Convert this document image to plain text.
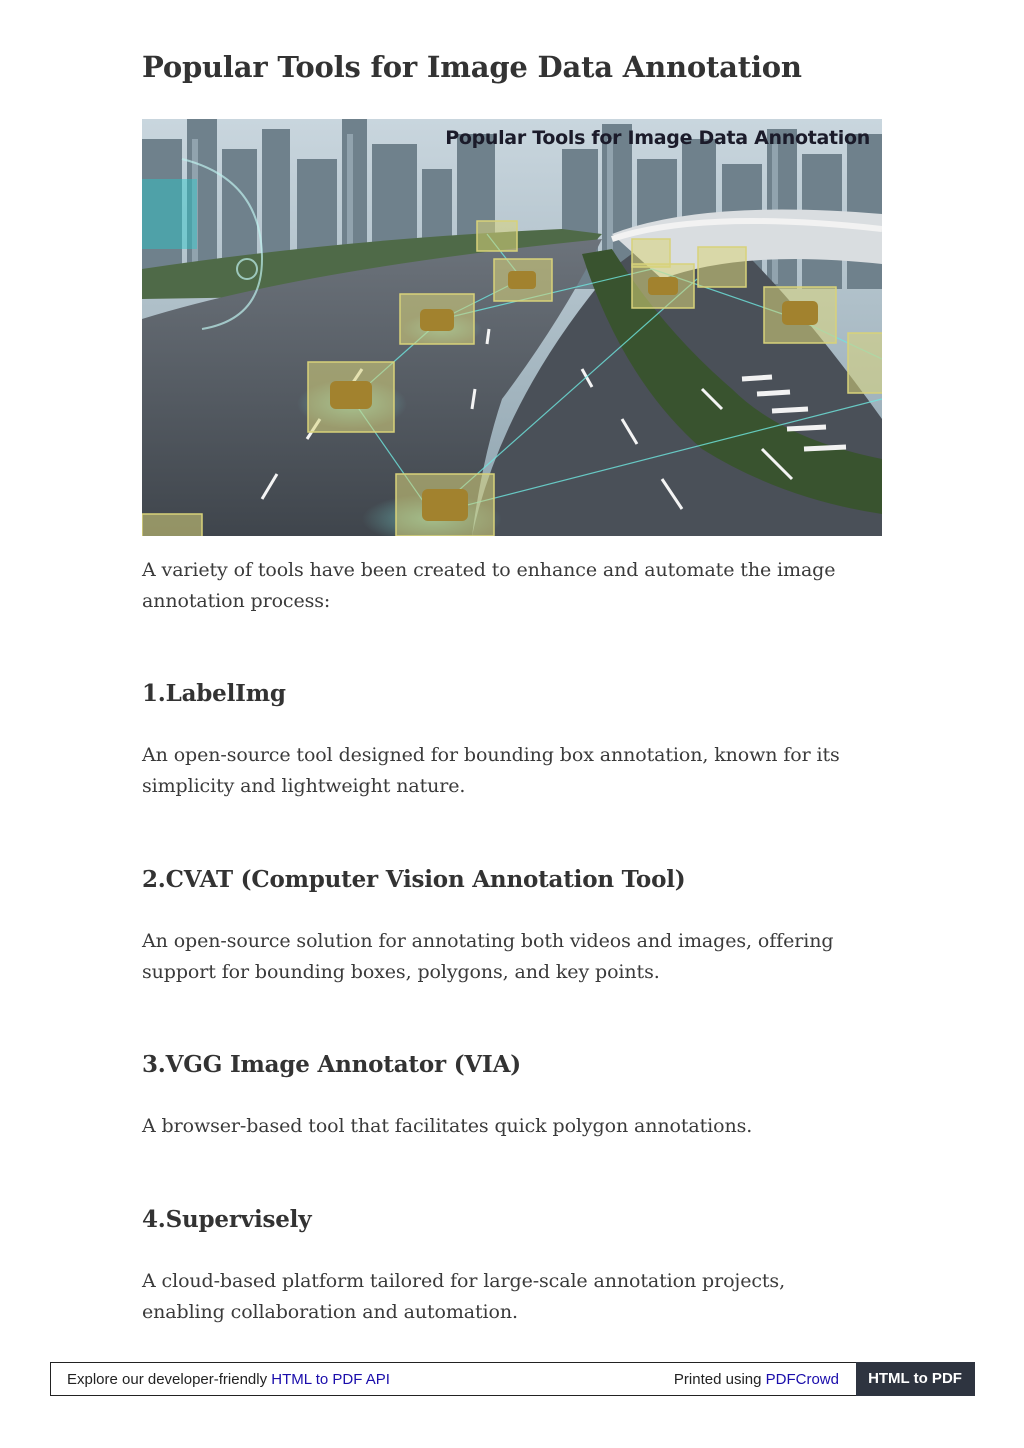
Popular Tools for Image Data Annotation
Popular Tools for Image Data Annotation

A variety of tools have been created to enhance and automate the image annotation process:

1.LabelImg

An open-source tool designed for bounding box annotation, known for its simplicity and lightweight nature.

2.CVAT (Computer Vision Annotation Tool)

An open-source solution for annotating both videos and images, offering support for bounding boxes, polygons, and key points.

3.VGG Image Annotator (VIA)

A browser-based tool that facilitates quick polygon annotations.

4.Supervisely

A cloud-based platform tailored for large-scale annotation projects, enabling collaboration and automation.

Explore our developer-friendly HTML to PDF API	Printed using PDFCrowd	HTML to PDF
